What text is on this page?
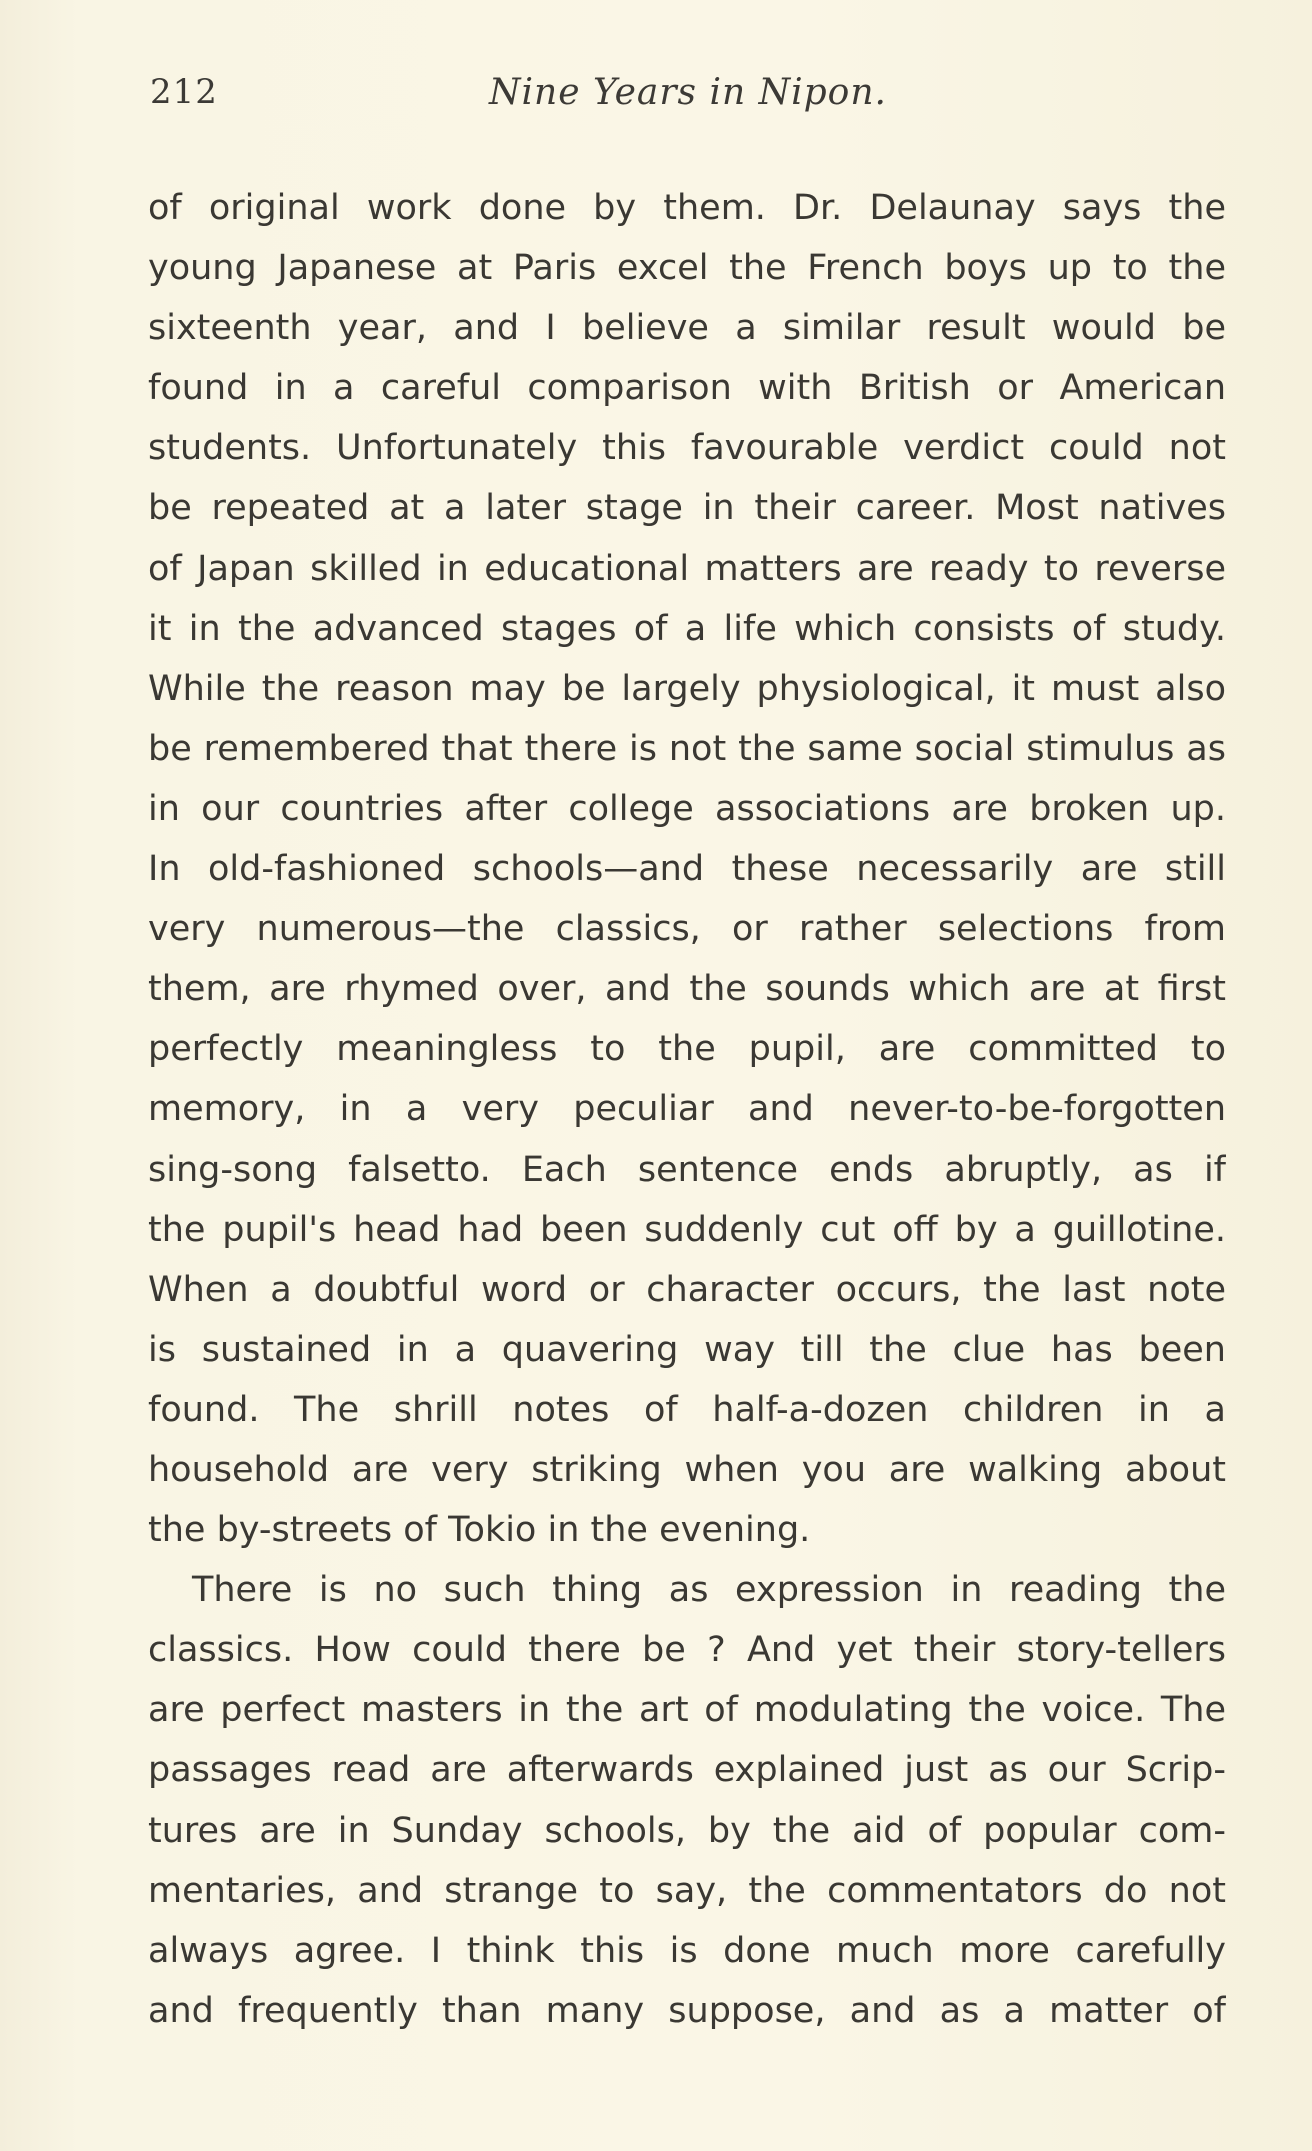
212	Nine Years in Nipon.
of original work done by them. Dr. Delaunay says the
young Japanese at Paris excel the French boys up to the
sixteenth year, and I believe a similar result would be
found in a careful comparison with British or American
students. Unfortunately this favourable verdict could not
be repeated at a later stage in their career. Most natives
of Japan skilled in educational matters are ready to reverse
it in the advanced stages of a life which consists of study.
While the reason may be largely physiological, it must also
be remembered that there is not the same social stimulus as
in our countries after college associations are broken up.
In old-fashioned schools—and these necessarily are still
very numerous—the classics, or rather selections from
them, are rhymed over, and the sounds which are at first
perfectly meaningless to the pupil, are committed to
memory, in a very peculiar and never-to-be-forgotten
sing-song falsetto. Each sentence ends abruptly, as if
the pupil's head had been suddenly cut off by a guillotine.
When a doubtful word or character occurs, the last note
is sustained in a quavering way till the clue has been
found. The shrill notes of half-a-dozen children in a
household are very striking when you are walking about
the by-streets of Tokio in the evening.
There is no such thing as expression in reading the
classics. How could there be ? And yet their story-tellers
are perfect masters in the art of modulating the voice. The
passages read are afterwards explained just as our Scrip-
tures are in Sunday schools, by the aid of popular com-
mentaries, and strange to say, the commentators do not
always agree. I think this is done much more carefully
and frequently than many suppose, and as a matter of
